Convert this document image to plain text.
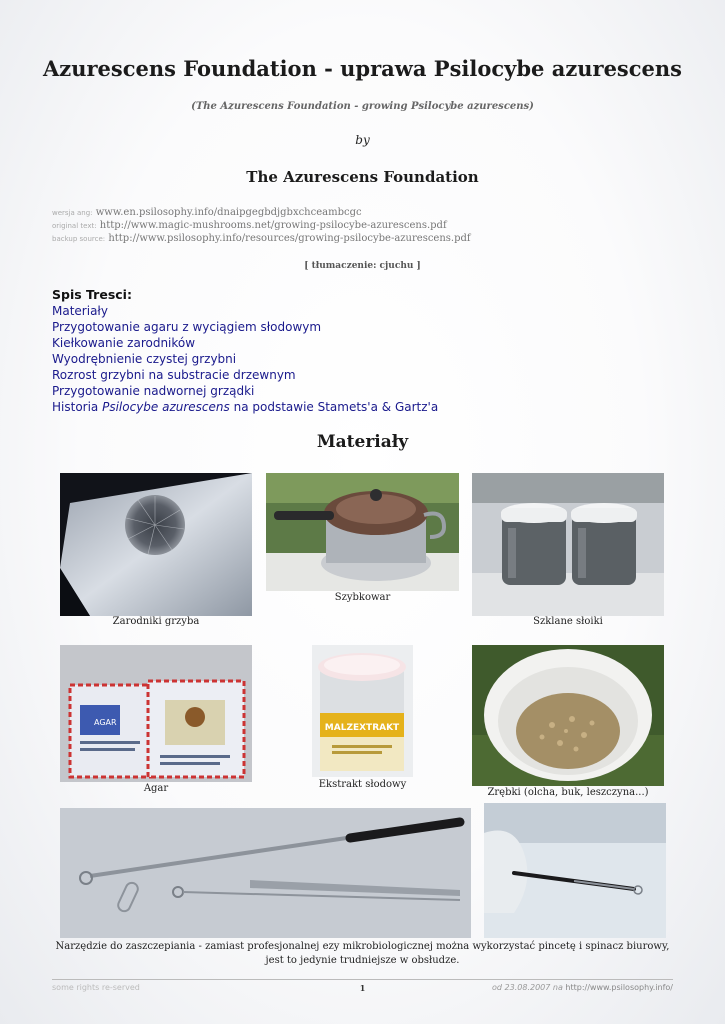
Azurescens Foundation - uprawa Psilocybe azurescens
(The Azurescens Foundation - growing Psilocybe azurescens)
by
The Azurescens Foundation
wersja ang: www.en.psilosophy.info/dnaipgegbdjgbxchceambcgc
original text: http://www.magic-mushrooms.net/growing-psilocybe-azurescens.pdf
backup source: http://www.psilosophy.info/resources/growing-psilocybe-azurescens.pdf
[ tłumaczenie: cjuchu ]
Spis Tresci:
Materiały
Przygotowanie agaru z wyciągiem słodowym
Kiełkowanie zarodników
Wyodrębnienie czystej grzybni
Rozrost grzybni na substracie drzewnym
Przygotowanie nadwornej grządki
Historia Psilocybe azurescens na podstawie Stamets'a & Gartz'a
Materiały
Zarodniki grzyba
Szybkowar
Szklane słoiki
AGAR
Agar
MALZEXTRAKT
Ekstrakt słodowy
Zrębki (olcha, buk, leszczyna...)
Narzędzie do zaszczepiania - zamiast profesjonalnej ezy mikrobiologicznej można wykorzystać pincetę i spinacz biurowy, jest to jedynie trudniejsze w obsłudze.
some rights re-served	1	od 23.08.2007 na http://www.psilosophy.info/
